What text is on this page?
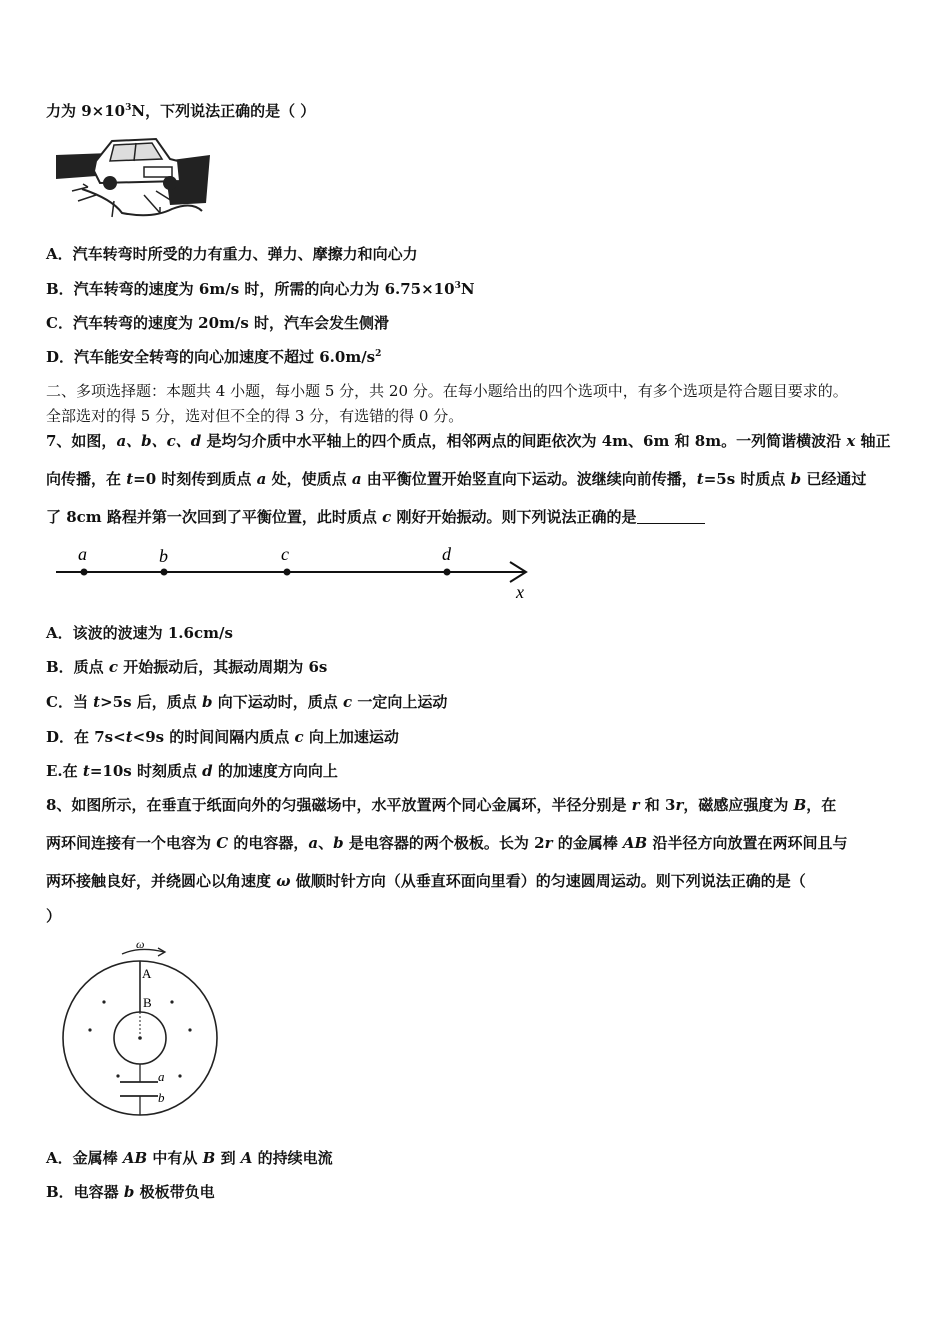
力为 $9\times 10^3N$，下列说法正确的是（ ）
A．汽车转弯时所受的力有重力、弹力、摩擦力和向心力
B．汽车转弯的速度为 6m/s 时，所需的向心力为 $6.75\times 10^3N$
C．汽车转弯的速度为 20m/s 时，汽车会发生侧滑
D．汽车能安全转弯的向心加速度不超过 $6.0m/s^2$
二、多项选择题：本题共 4 小题，每小题 5 分，共 20 分。在每小题给出的四个选项中，有多个选项是符合题目要求的。
全部选对的得 5 分，选对但不全的得 3 分，有选错的得 0 分。
7、如图，a、b、c、d 是均匀介质中水平轴上的四个质点，相邻两点的间距依次为 4m、6m 和 8m。一列简谐横波沿 x 轴正
向传播，在 t=0 时刻传到质点 a 处，使质点 a 由平衡位置开始竖直向下运动。波继续向前传播，t=5s 时质点 b 已经通过
了 8cm 路程并第一次回到了平衡位置，此时质点 c 刚好开始振动。则下列说法正确的是
a	b	c	d
x
A．该波的波速为 1.6cm/s
B．质点 c 开始振动后，其振动周期为 6s
C．当 t>5s 后，质点 b 向下运动时，质点 c 一定向上运动
D．在 7s<t<9s 的时间间隔内质点 c 向上加速运动
E.在 t=10s 时刻质点 d 的加速度方向向上
8、如图所示，在垂直于纸面向外的匀强磁场中，水平放置两个同心金属环，半径分别是 r 和 3r，磁感应强度为 B，在
两环间连接有一个电容为 C 的电容器，a、b 是电容器的两个极板。长为 2r 的金属棒 AB 沿半径方向放置在两环间且与
两环接触良好，并绕圆心以角速度 ω 做顺时针方向（从垂直环面向里看）的匀速圆周运动。则下列说法正确的是（
）
ω
A
B
a
b
A．金属棒 AB 中有从 B 到 A 的持续电流
B．电容器 b 极板带负电
